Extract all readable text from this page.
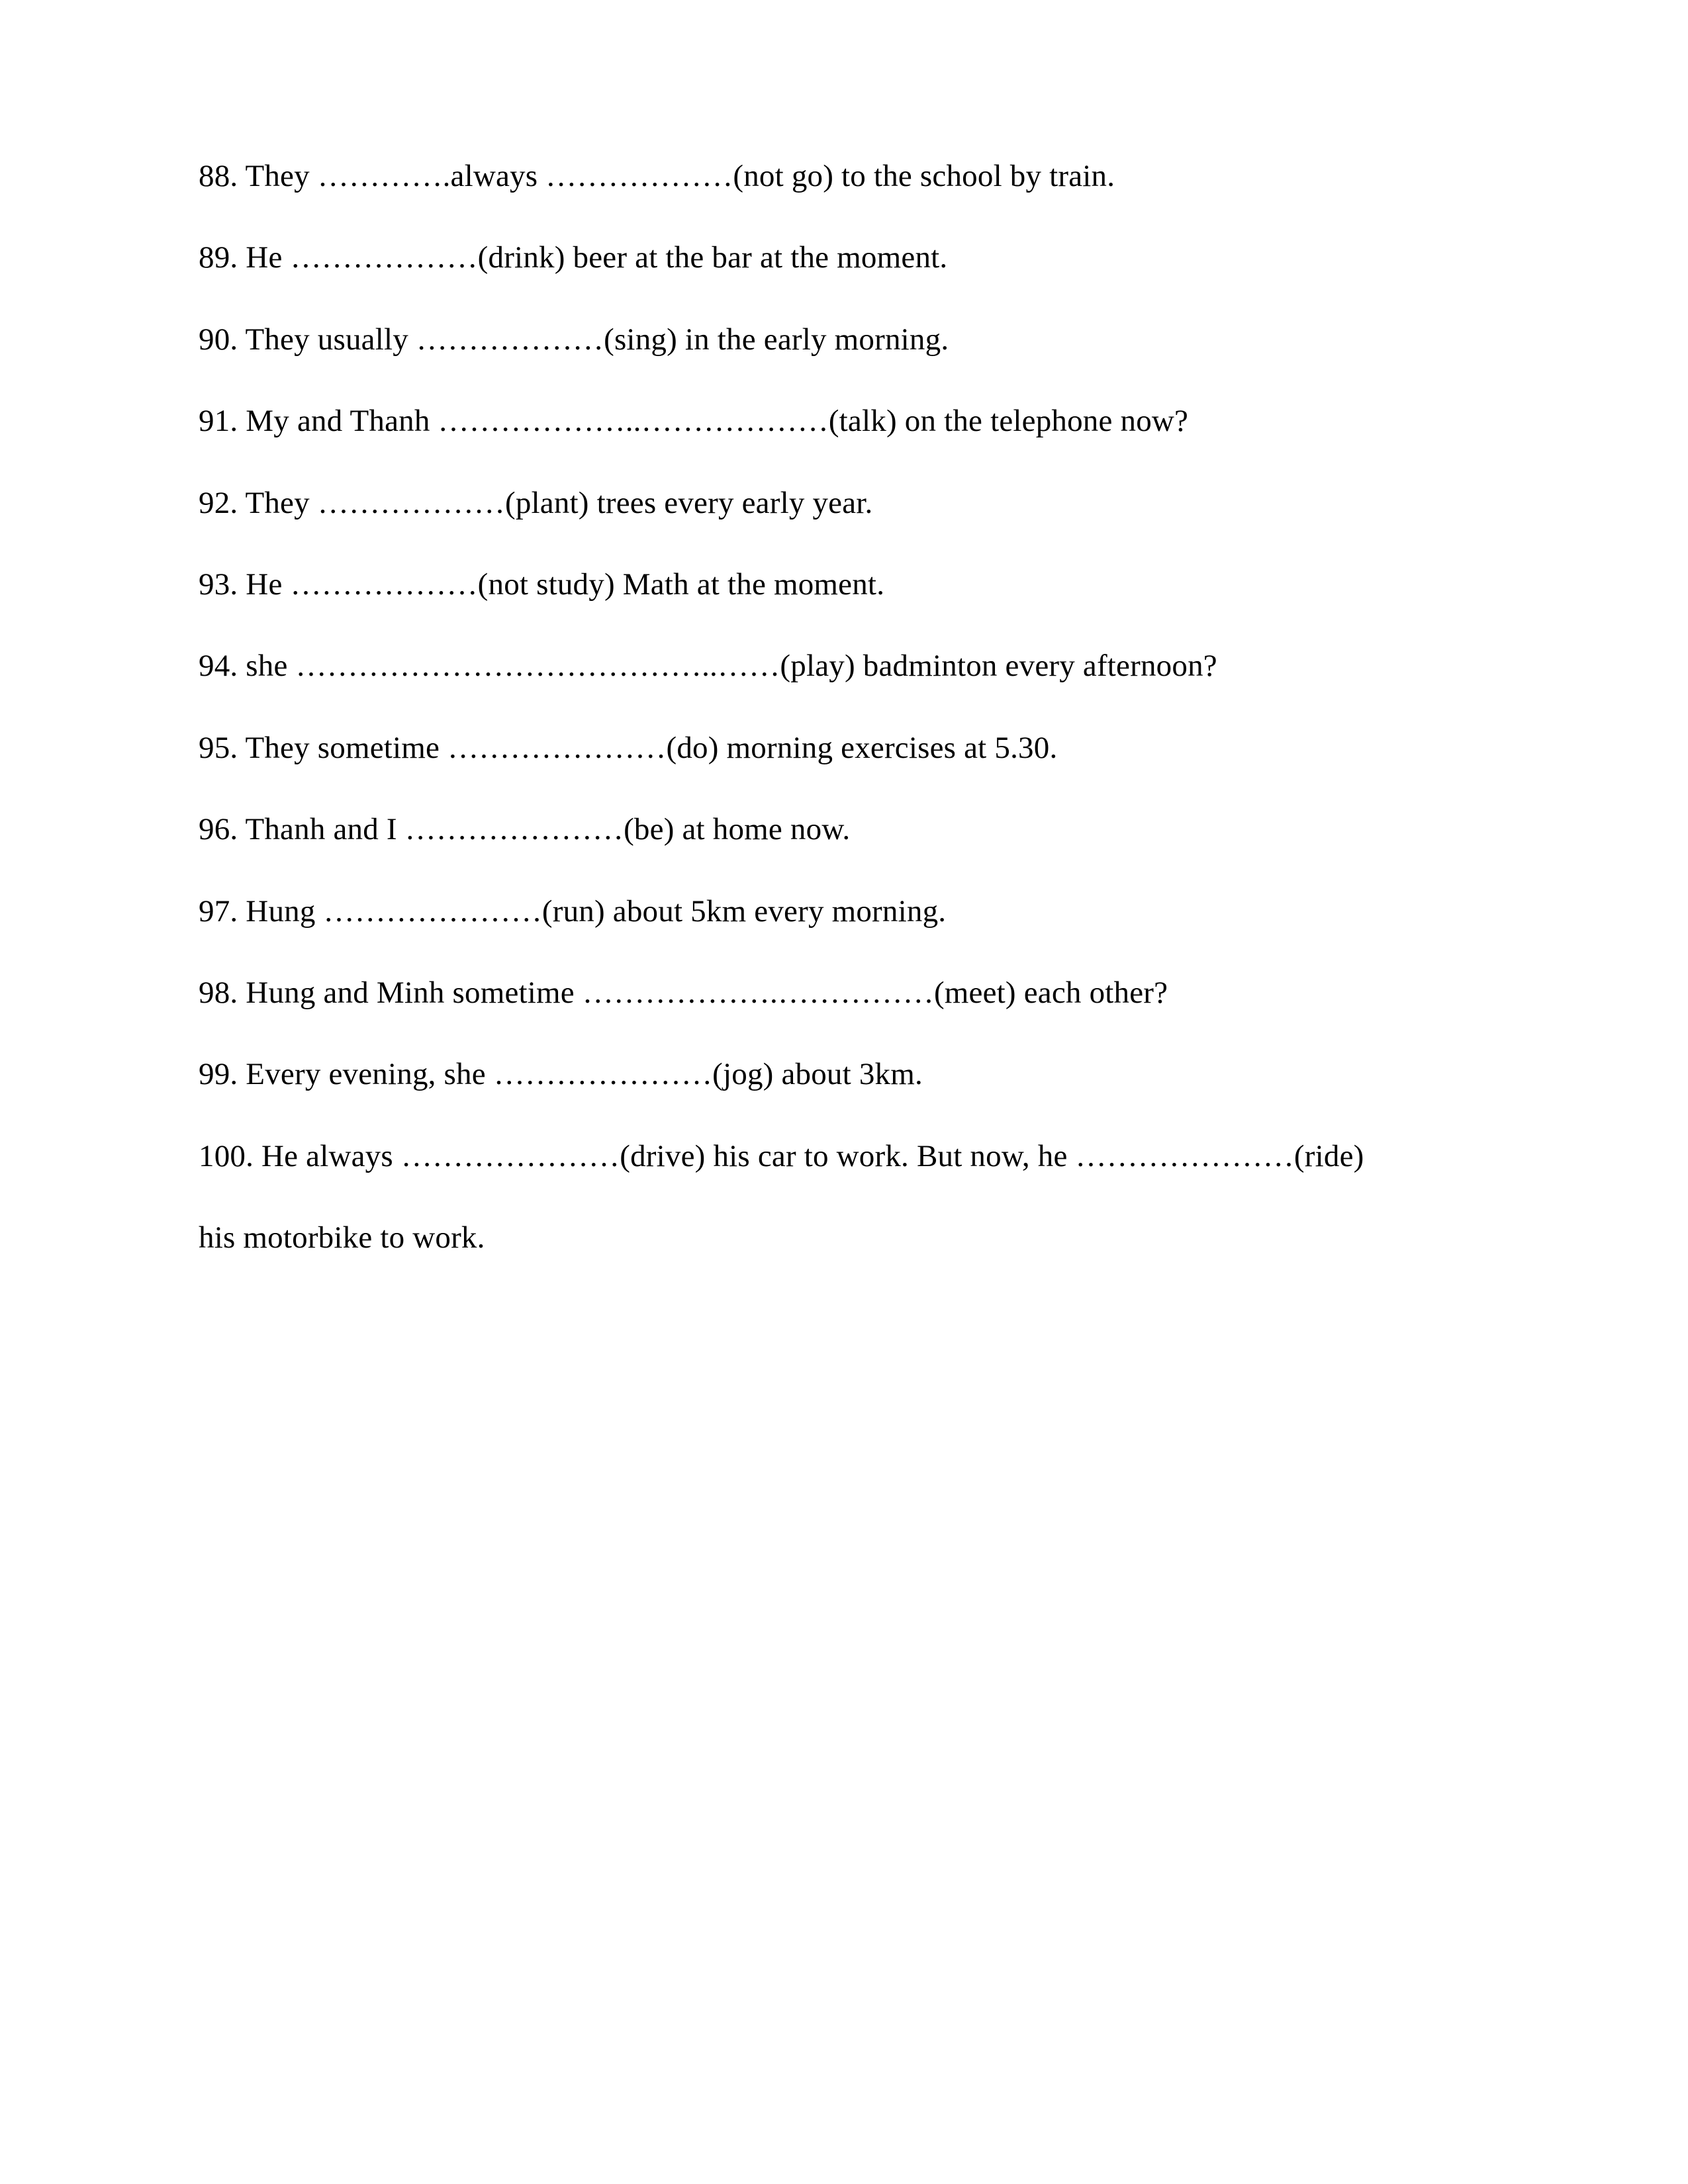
88. They ………….always ………………(not go) to the school by train.

89. He ………………(drink) beer at the bar at the moment.

90. They usually ………………(sing) in the early morning.

91. My and Thanh ………………..………………(talk) on the telephone now?

92. They ………………(plant) trees every early year.

93. He ………………(not study) Math at the moment.

94. she …………………………………..……(play) badminton every afternoon?

95. They sometime …………………(do) morning exercises at 5.30.

96. Thanh and I …………………(be) at home now.

97. Hung …………………(run) about 5km every morning.

98. Hung and Minh sometime ……………….……………(meet) each other?

99. Every evening, she …………………(jog) about 3km.

100. He always …………………(drive) his car to work. But now, he …………………(ride)

his motorbike to work.
